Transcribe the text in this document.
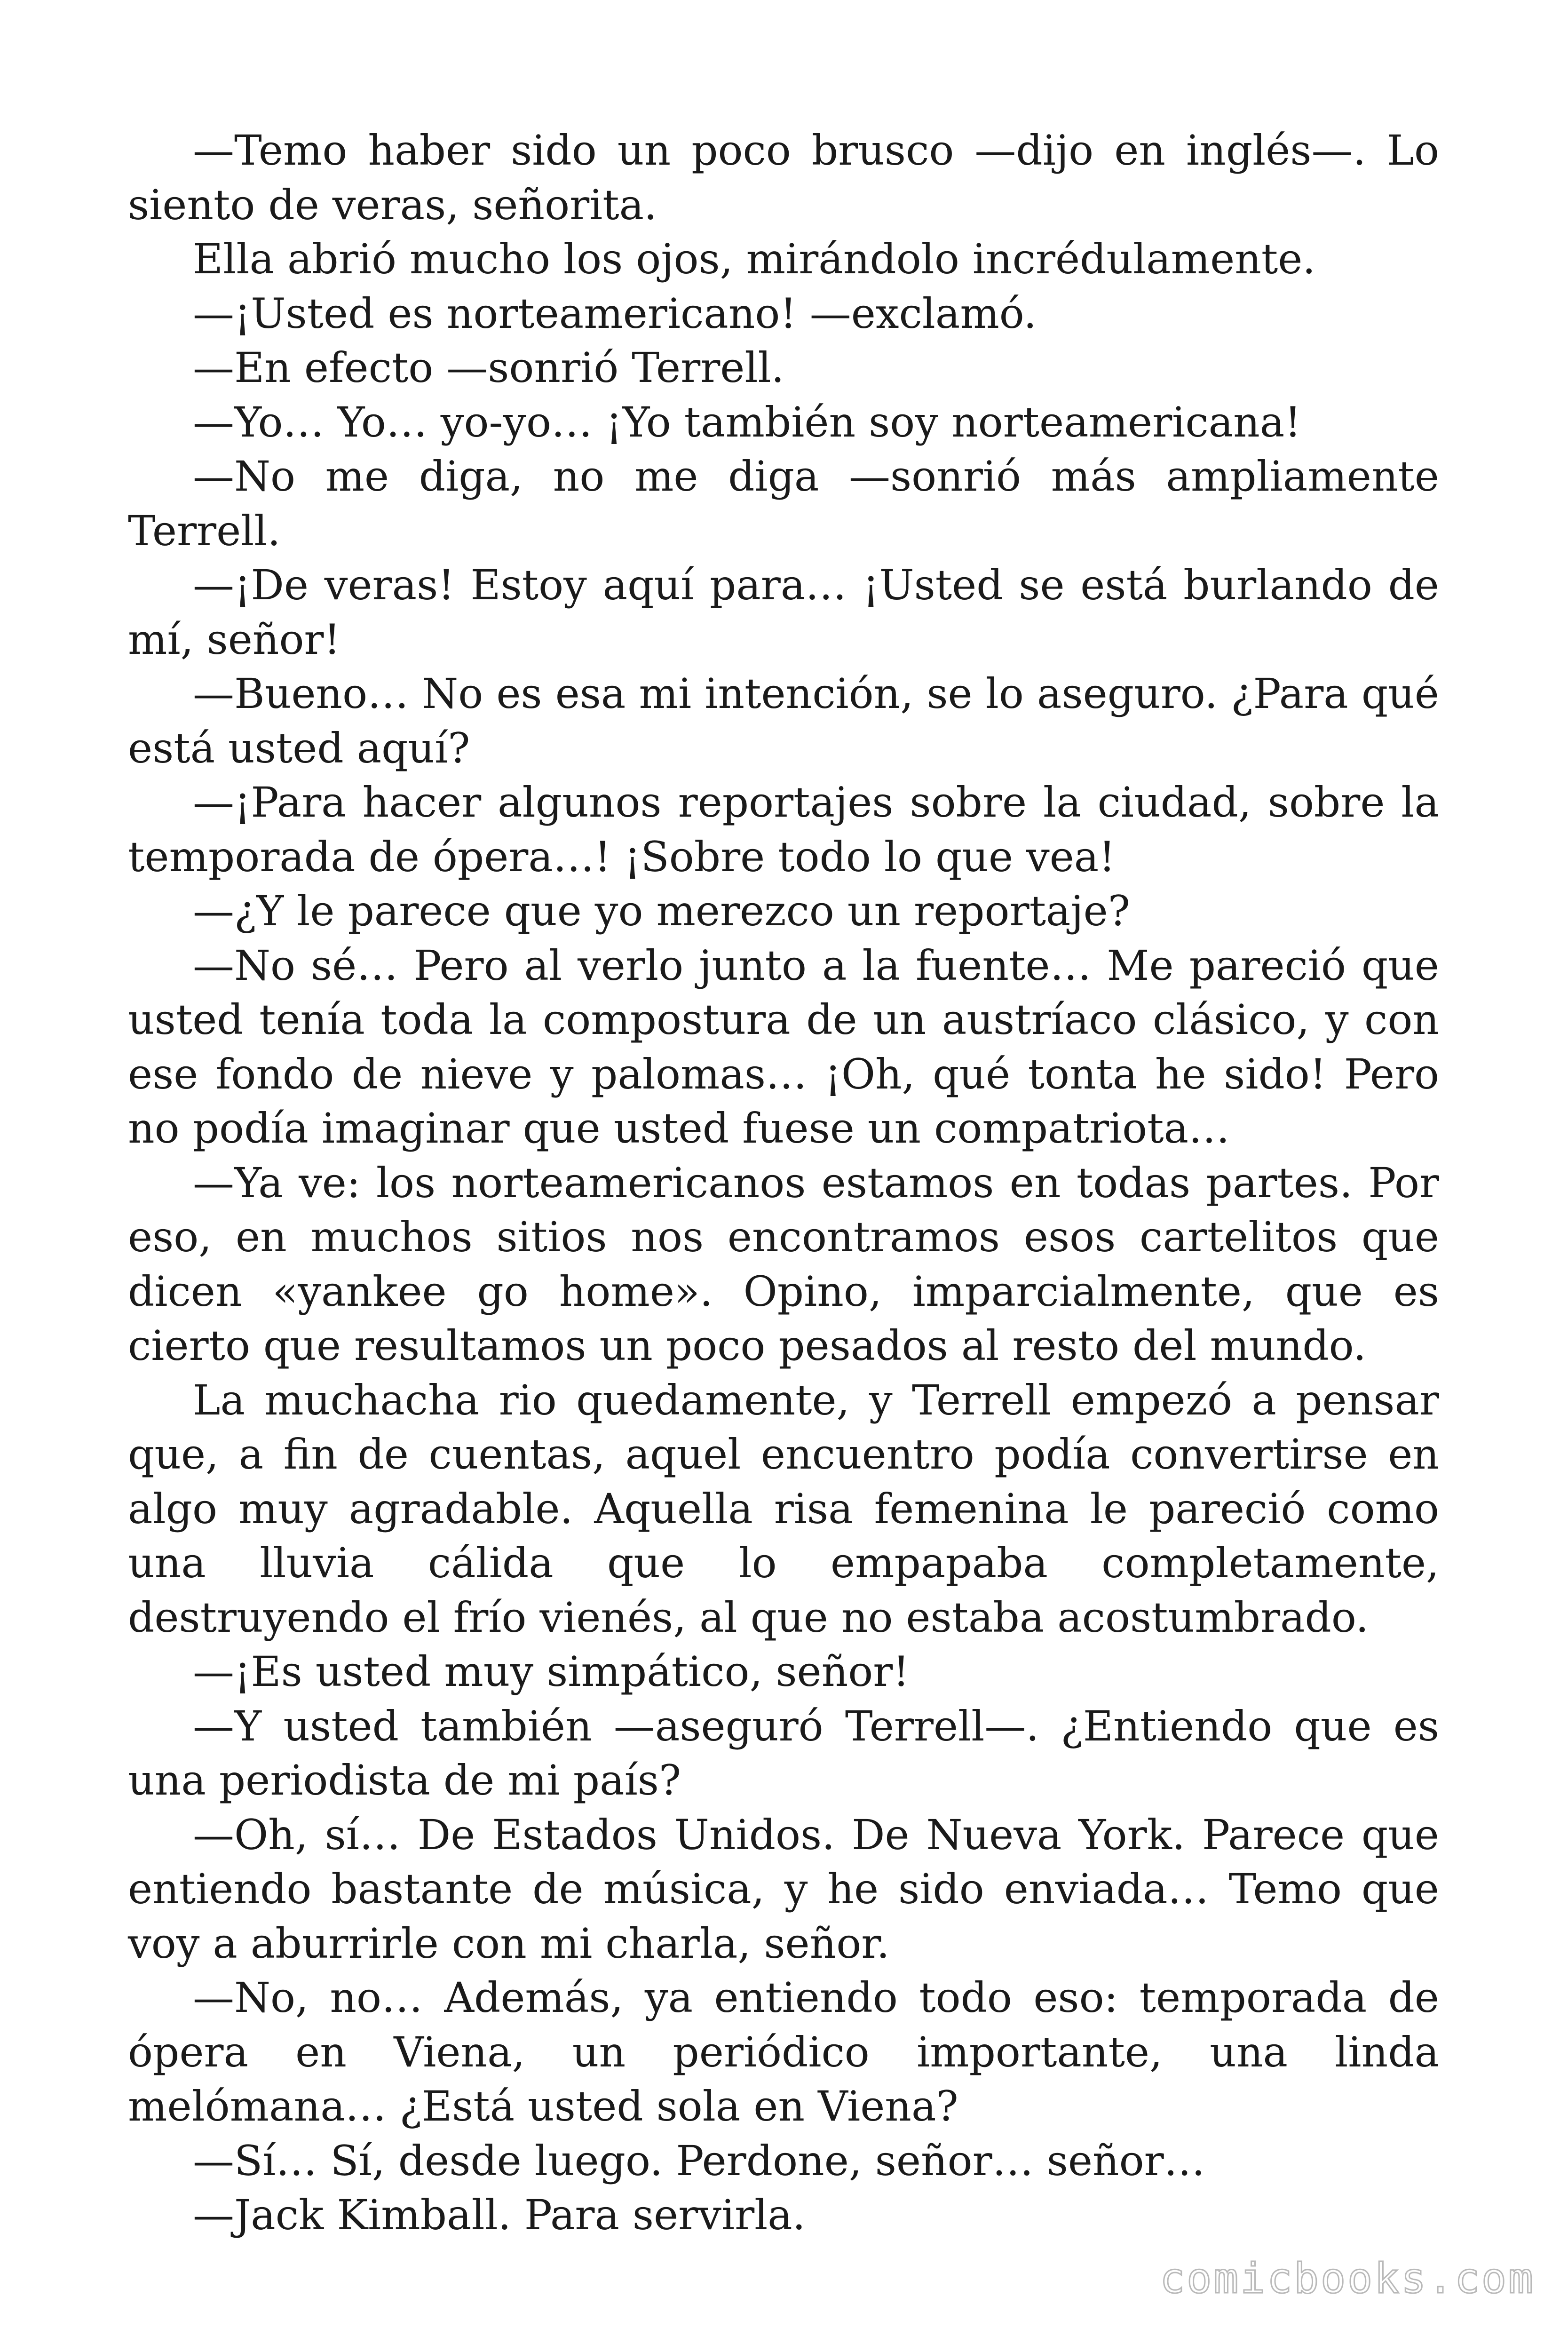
—Temo haber sido un poco brusco —dijo en inglés—. Lo siento de veras, señorita.

Ella abrió mucho los ojos, mirándolo incrédulamente.

—¡Usted es norteamericano! —exclamó.

—En efecto —sonrió Terrell.

—Yo… Yo… yo-yo… ¡Yo también soy norteamericana!

—No me diga, no me diga —sonrió más ampliamente Terrell.

—¡De veras! Estoy aquí para… ¡Usted se está burlando de mí, señor!

—Bueno… No es esa mi intención, se lo aseguro. ¿Para qué está usted aquí?

—¡Para hacer algunos reportajes sobre la ciudad, sobre la temporada de ópera…! ¡Sobre todo lo que vea!

—¿Y le parece que yo merezco un reportaje?

—No sé… Pero al verlo junto a la fuente… Me pareció que usted tenía toda la compostura de un austríaco clásico, y con ese fondo de nieve y palomas… ¡Oh, qué tonta he sido! Pero no podía imaginar que usted fuese un compatriota…

—Ya ve: los norteamericanos estamos en todas partes. Por eso, en muchos sitios nos encontramos esos cartelitos que dicen «yankee go home». Opino, imparcialmente, que es cierto que resultamos un poco pesados al resto del mundo.

La muchacha rio quedamente, y Terrell empezó a pensar que, a fin de cuentas, aquel encuentro podía convertirse en algo muy agradable. Aquella risa femenina le pareció como una lluvia cálida que lo empapaba completamente, destruyendo el frío vienés, al que no estaba acostumbrado.

—¡Es usted muy simpático, señor!

—Y usted también —aseguró Terrell—. ¿Entiendo que es una periodista de mi país?

—Oh, sí… De Estados Unidos. De Nueva York. Parece que entiendo bastante de música, y he sido enviada… Temo que voy a aburrirle con mi charla, señor.

—No, no… Además, ya entiendo todo eso: temporada de ópera en Viena, un periódico importante, una linda melómana… ¿Está usted sola en Viena?

—Sí… Sí, desde luego. Perdone, señor… señor…

—Jack Kimball. Para servirla.

comicbooks.com
